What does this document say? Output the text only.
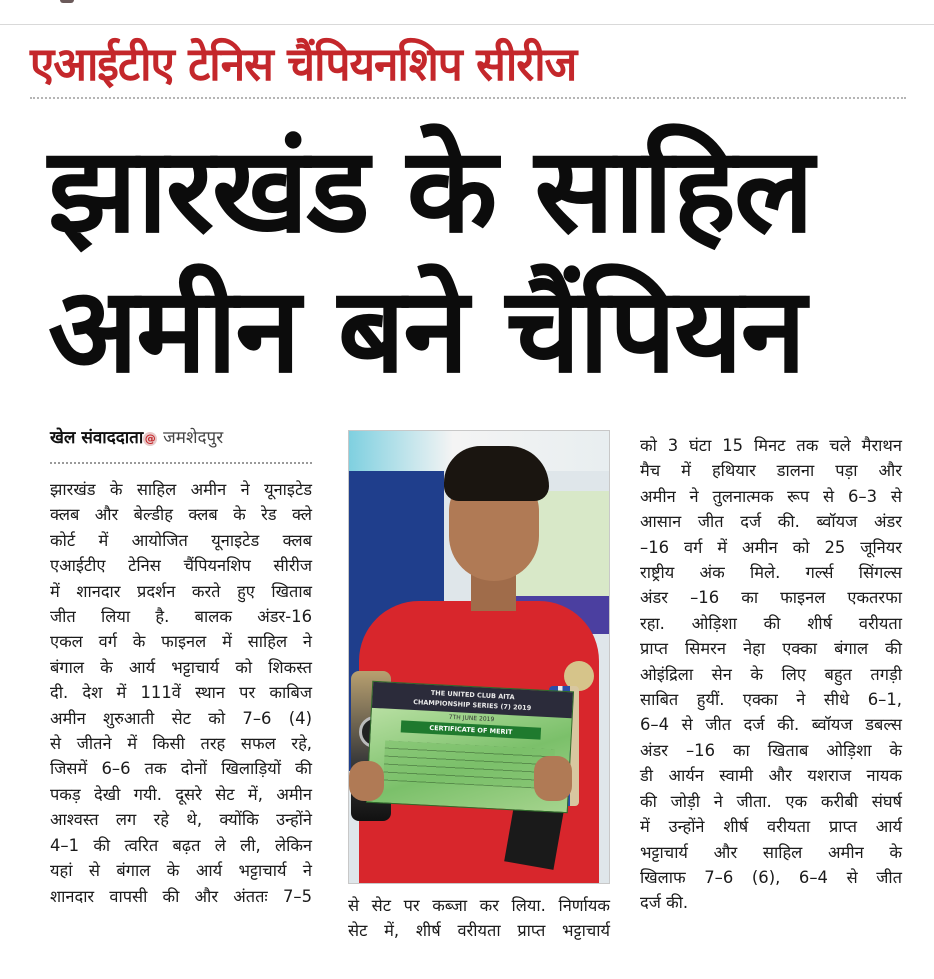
एआईटीए टेनिस चैंपियनशिप सीरीज
झारखंड के साहिल
अमीन बने चैंपियन
खेल संवाददाता @ जमशेदपुर
झारखंड के साहिल अमीन ने यूनाइटेड
क्लब और बेल्डीह क्लब के रेड क्ले
कोर्ट में आयोजित यूनाइटेड क्लब
एआईटीए टेनिस चैंपियनशिप सीरीज
में शानदार प्रदर्शन करते हुए खिताब
जीत लिया है. बालक अंडर-16
एकल वर्ग के फाइनल में साहिल ने
बंगाल के आर्य भट्टाचार्य को शिकस्त
दी. देश में 111वें स्थान पर काबिज
अमीन शुरुआती सेट को 7–6 (4)
से जीतने में किसी तरह सफल रहे,
जिसमें 6–6 तक दोनों खिलाड़ियों की
पकड़ देखी गयी. दूसरे सेट में, अमीन
आश्वस्त लग रहे थे, क्योंकि उन्होंने
4–1 की त्वरित बढ़त ले ली, लेकिन
यहां से बंगाल के आर्य भट्टाचार्य ने
शानदार वापसी की और अंततः 7–5
THE UNITED CLUB AITA
CHAMPIONSHIP SERIES (7) 2019
7TH JUNE 2019
CERTIFICATE OF MERIT
से सेट पर कब्जा कर लिया. निर्णायक
सेट में, शीर्ष वरीयता प्राप्त भट्टाचार्य
को 3 घंटा 15 मिनट तक चले मैराथन
मैच में हथियार डालना पड़ा और
अमीन ने तुलनात्मक रूप से 6–3 से
आसान जीत दर्ज की. ब्वॉयज अंडर
–16 वर्ग में अमीन को 25 जूनियर
राष्ट्रीय अंक मिले. गर्ल्स सिंगल्स
अंडर –16 का फाइनल एकतरफा
रहा. ओड़िशा की शीर्ष वरीयता
प्राप्त सिमरन नेहा एक्का बंगाल की
ओइंद्रिला सेन के लिए बहुत तगड़ी
साबित हुयीं. एक्का ने सीधे 6–1,
6–4 से जीत दर्ज की. ब्वॉयज डबल्स
अंडर –16 का खिताब ओड़िशा के
डी आर्यन स्वामी और यशराज नायक
की जोड़ी ने जीता. एक करीबी संघर्ष
में उन्होंने शीर्ष वरीयता प्राप्त आर्य
भट्टाचार्य और साहिल अमीन के
खिलाफ 7–6 (6), 6–4 से जीत
दर्ज की.
